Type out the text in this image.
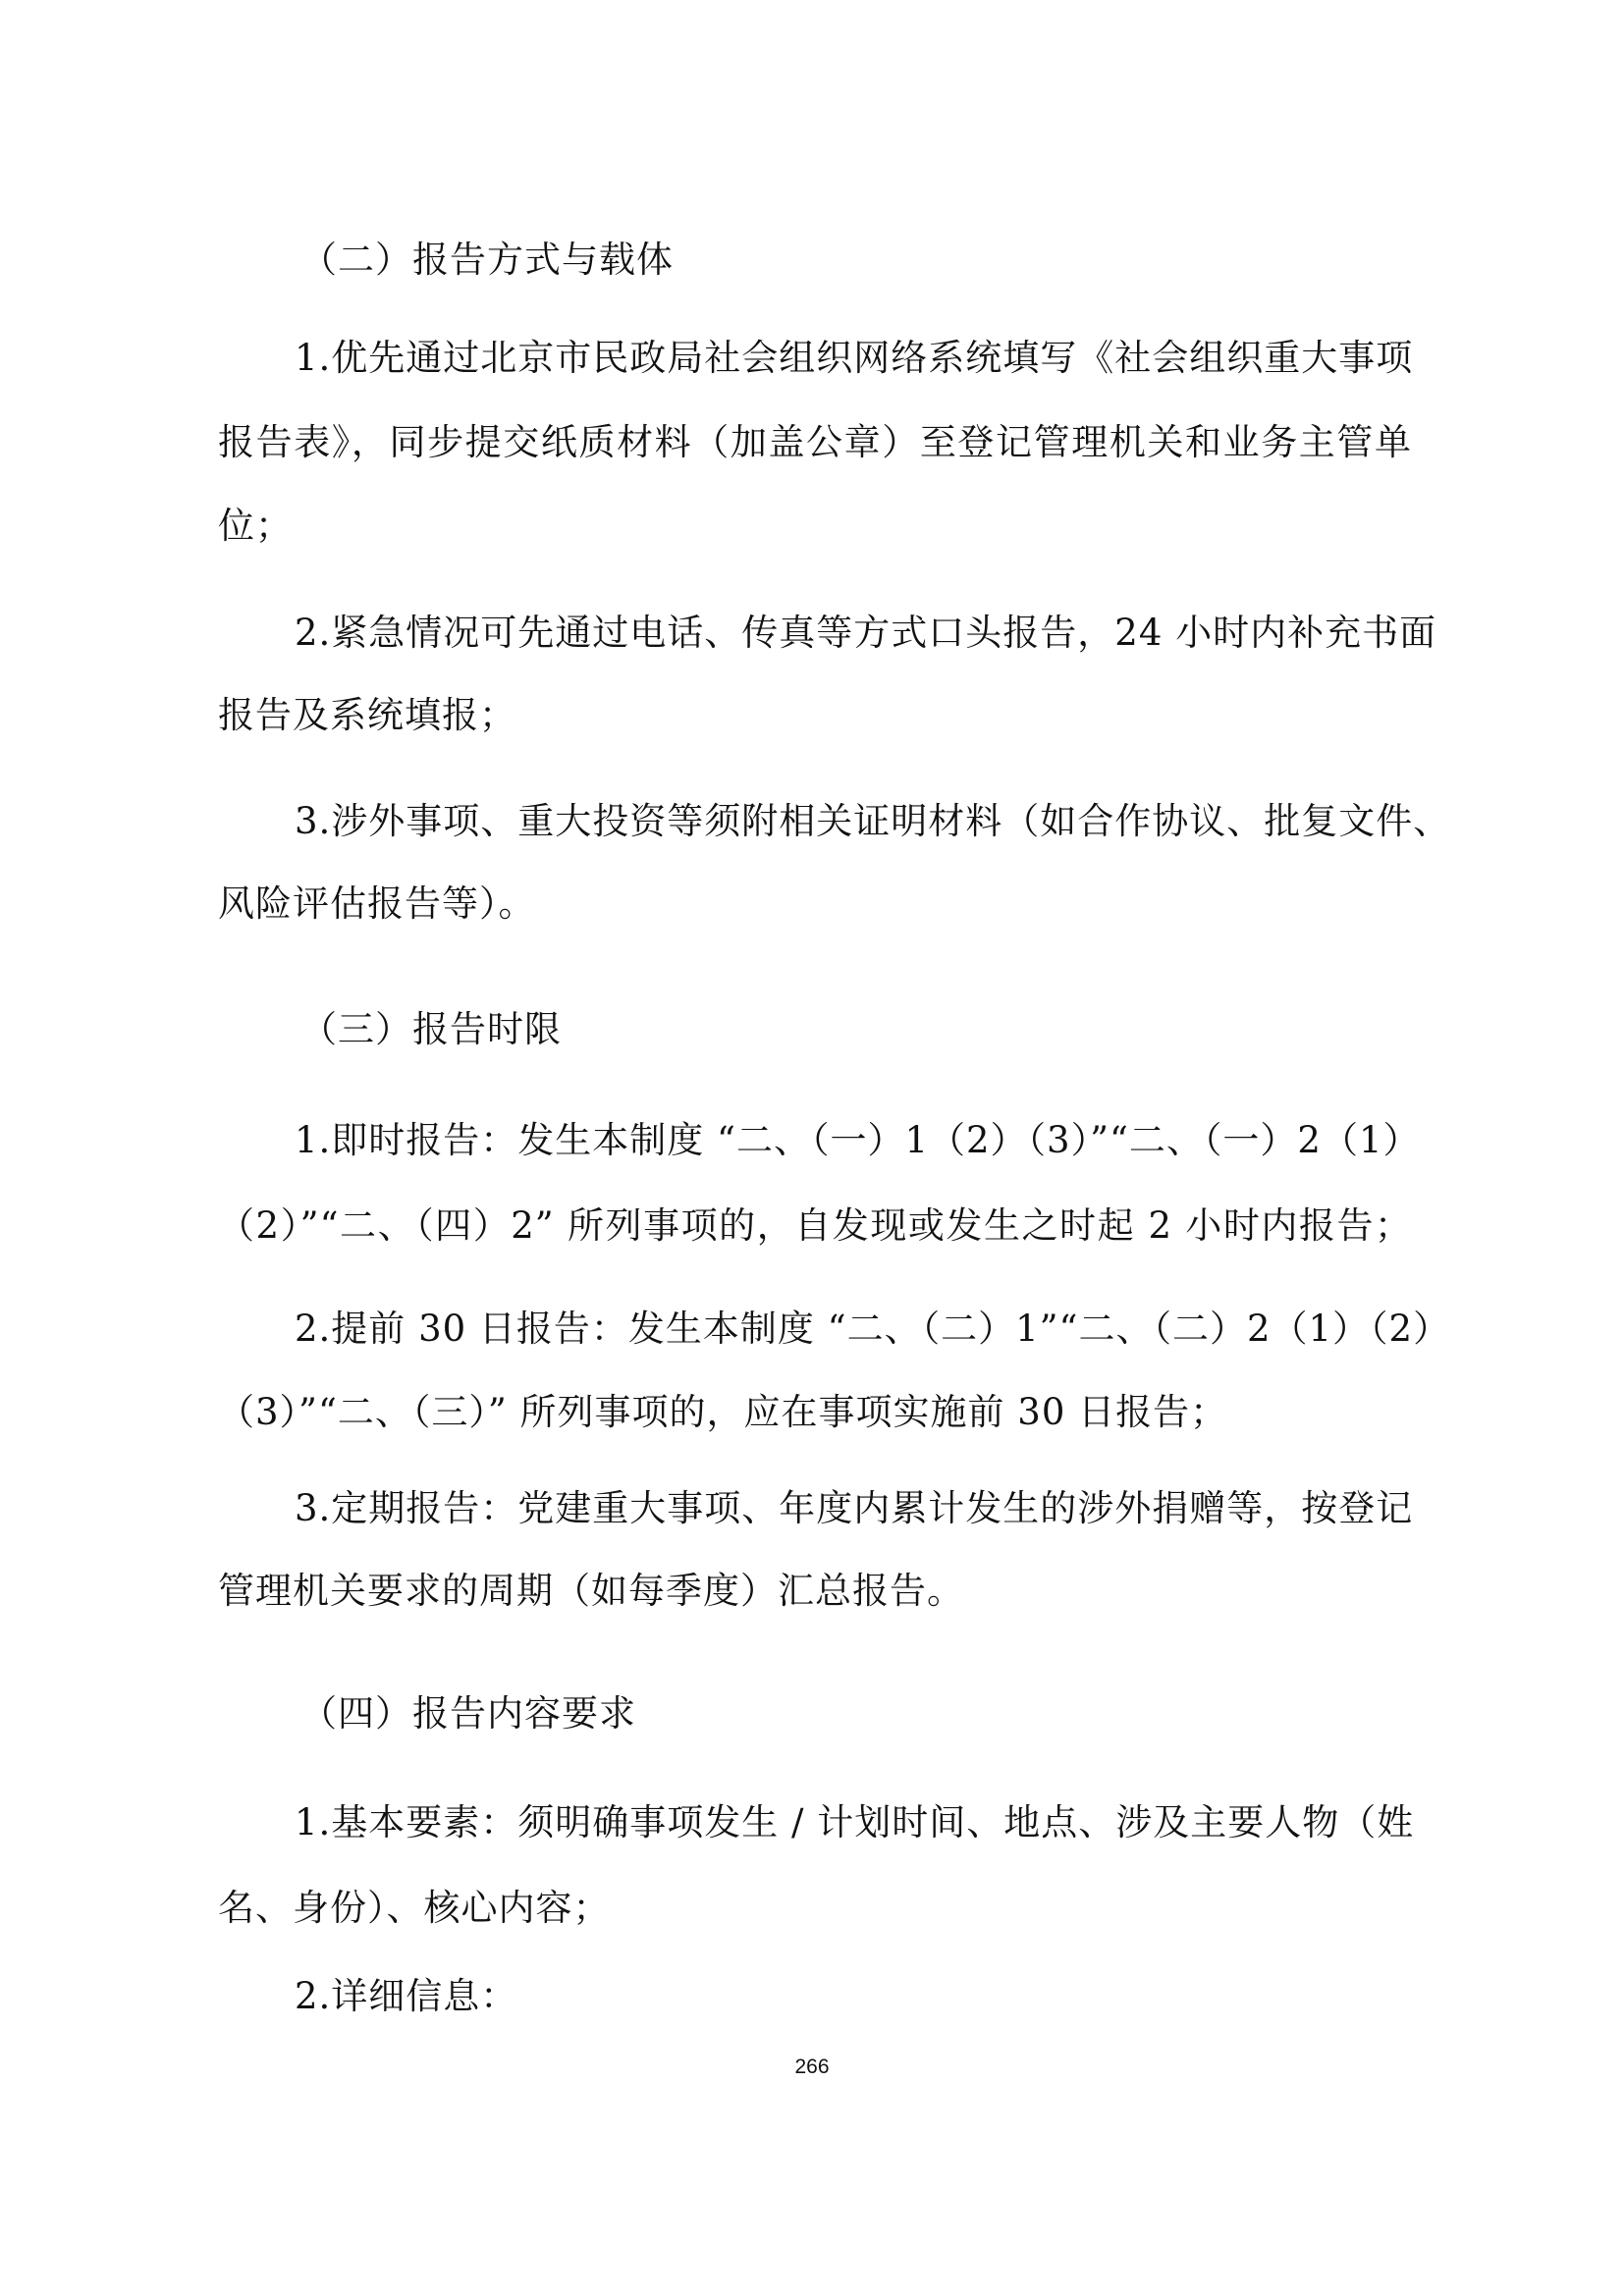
（二）报告方式与载体

1.优先通过北京市民政局社会组织网络系统填写《社会组织重大事项

报告表》，同步提交纸质材料（加盖公章）至登记管理机关和业务主管单

位；

2.紧急情况可先通过电话、传真等方式口头报告，24 小时内补充书面

报告及系统填报；

3.涉外事项、重大投资等须附相关证明材料（如合作协议、批复文件、

风险评估报告等）。

（三）报告时限

1.即时报告：发生本制度 “二、（一）1（2）（3）”“二、（一）2（1）

（2）”“二、（四）2” 所列事项的，自发现或发生之时起 2 小时内报告；

2.提前 30 日报告：发生本制度 “二、（二）1”“二、（二）2（1）（2）

（3）”“二、（三）” 所列事项的，应在事项实施前 30 日报告；

3.定期报告：党建重大事项、年度内累计发生的涉外捐赠等，按登记

管理机关要求的周期（如每季度）汇总报告。

（四）报告内容要求

1.基本要素：须明确事项发生 / 计划时间、地点、涉及主要人物（姓

名、身份）、核心内容；

2.详细信息：

266
